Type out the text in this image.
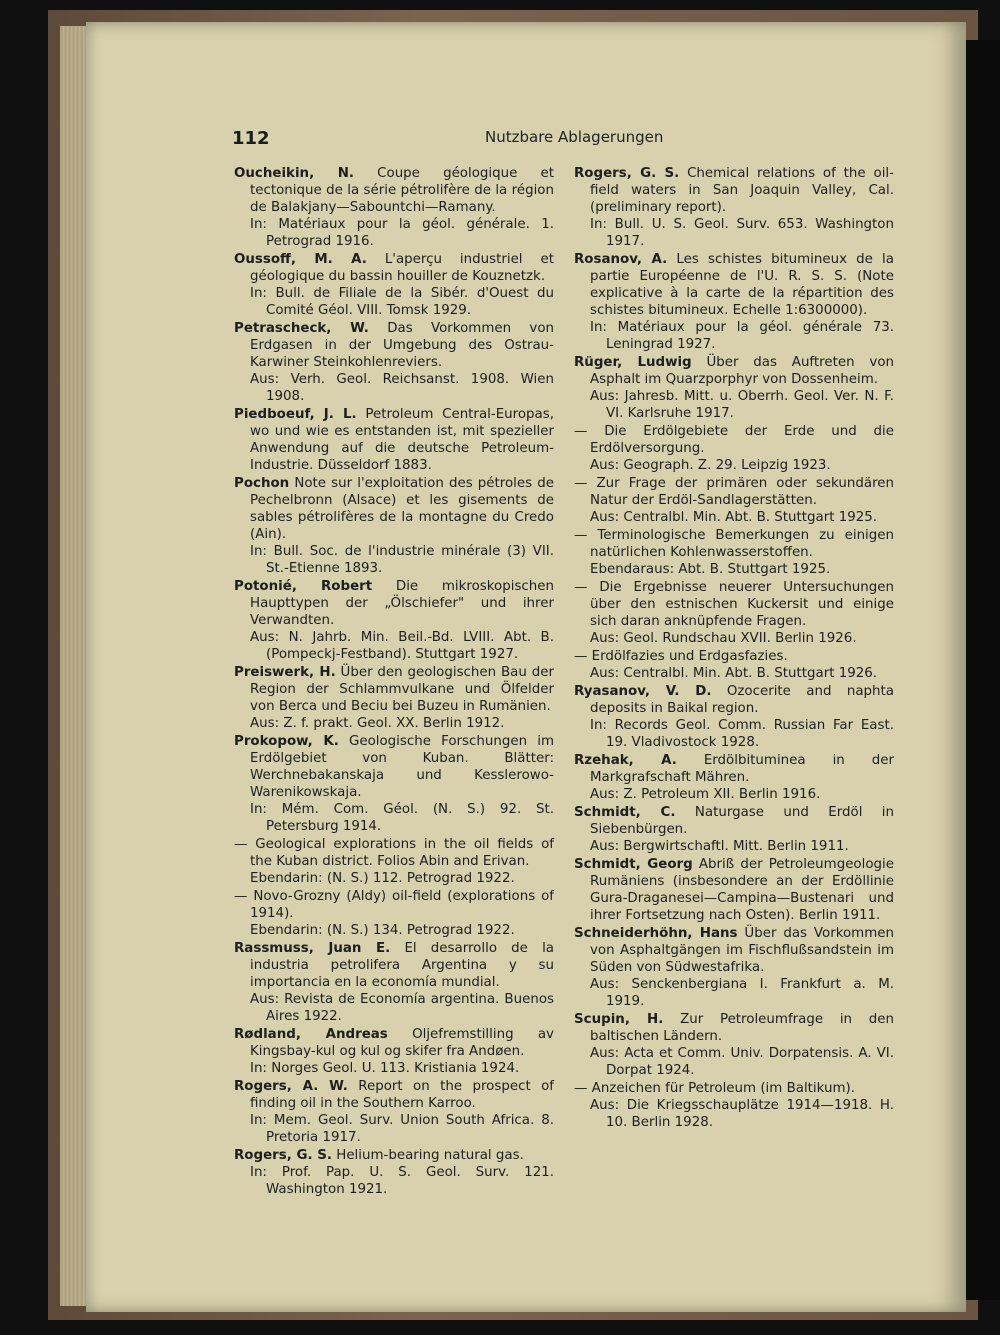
112	Nutzbare Ablagerungen
Oucheikin, N. Coupe géologique et tectonique de la série pétrolifère de la région de Balakjany—Sabountchi—Ramany.
In: Matériaux pour la géol. générale. 1. Petrograd 1916.
Oussoff, M. A. L'aperçu industriel et géologique du bassin houiller de Kouznetzk.
In: Bull. de Filiale de la Sibér. d'Ouest du Comité Géol. VIII. Tomsk 1929.
Petrascheck, W. Das Vorkommen von Erdgasen in der Umgebung des Ostrau-Karwiner Steinkohlenreviers.
Aus: Verh. Geol. Reichsanst. 1908. Wien 1908.
Piedboeuf, J. L. Petroleum Central-Europas, wo und wie es entstanden ist, mit spezieller Anwendung auf die deutsche Petroleum-Industrie. Düsseldorf 1883.
Pochon Note sur l'exploitation des pétroles de Pechelbronn (Alsace) et les gisements de sables pétrolifères de la montagne du Credo (Ain).
In: Bull. Soc. de l'industrie minérale (3) VII. St.-Etienne 1893.
Potonié, Robert Die mikroskopischen Haupttypen der „Ölschiefer" und ihrer Verwandten.
Aus: N. Jahrb. Min. Beil.-Bd. LVIII. Abt. B. (Pompeckj-Festband). Stuttgart 1927.
Preiswerk, H. Über den geologischen Bau der Region der Schlammvulkane und Ölfelder von Berca und Beciu bei Buzeu in Rumänien.
Aus: Z. f. prakt. Geol. XX. Berlin 1912.
Prokopow, K. Geologische Forschungen im Erdölgebiet von Kuban. Blätter: Werchnebakanskaja und Kesslerowo-Warenikowskaja.
In: Mém. Com. Géol. (N. S.) 92. St. Petersburg 1914.
— Geological explorations in the oil fields of the Kuban district. Folios Abin and Erivan.
Ebendarin: (N. S.) 112. Petrograd 1922.
— Novo-Grozny (Aldy) oil-field (explorations of 1914).
Ebendarin: (N. S.) 134. Petrograd 1922.
Rassmuss, Juan E. El desarrollo de la industria petrolifera Argentina y su importancia en la economía mundial.
Aus: Revista de Economía argentina. Buenos Aires 1922.
Rødland, Andreas Oljefremstilling av Kingsbay-kul og kul og skifer fra Andøen.
In: Norges Geol. U. 113. Kristiania 1924.
Rogers, A. W. Report on the prospect of finding oil in the Southern Karroo.
In: Mem. Geol. Surv. Union South Africa. 8. Pretoria 1917.
Rogers, G. S. Helium-bearing natural gas.
In: Prof. Pap. U. S. Geol. Surv. 121. Washington 1921.
Rogers, G. S. Chemical relations of the oil-field waters in San Joaquin Valley, Cal. (preliminary report).
In: Bull. U. S. Geol. Surv. 653. Washington 1917.
Rosanov, A. Les schistes bitumineux de la partie Européenne de l'U. R. S. S. (Note explicative à la carte de la répartition des schistes bitumineux. Echelle 1:6300000).
In: Matériaux pour la géol. générale 73. Leningrad 1927.
Rüger, Ludwig Über das Auftreten von Asphalt im Quarzporphyr von Dossenheim.
Aus: Jahresb. Mitt. u. Oberrh. Geol. Ver. N. F. VI. Karlsruhe 1917.
— Die Erdölgebiete der Erde und die Erdölversorgung.
Aus: Geograph. Z. 29. Leipzig 1923.
— Zur Frage der primären oder sekundären Natur der Erdöl-Sandlagerstätten.
Aus: Centralbl. Min. Abt. B. Stuttgart 1925.
— Terminologische Bemerkungen zu einigen natürlichen Kohlenwasserstoffen.
Ebendaraus: Abt. B. Stuttgart 1925.
— Die Ergebnisse neuerer Untersuchungen über den estnischen Kuckersit und einige sich daran anknüpfende Fragen.
Aus: Geol. Rundschau XVII. Berlin 1926.
— Erdölfazies und Erdgasfazies.
Aus: Centralbl. Min. Abt. B. Stuttgart 1926.
Ryasanov, V. D. Ozocerite and naphta deposits in Baikal region.
In: Records Geol. Comm. Russian Far East. 19. Vladivostock 1928.
Rzehak, A. Erdölbituminea in der Markgrafschaft Mähren.
Aus: Z. Petroleum XII. Berlin 1916.
Schmidt, C. Naturgase und Erdöl in Siebenbürgen.
Aus: Bergwirtschaftl. Mitt. Berlin 1911.
Schmidt, Georg Abriß der Petroleumgeologie Rumäniens (insbesondere an der Erdöllinie Gura-Draganesei—Campina—Bustenari und ihrer Fortsetzung nach Osten). Berlin 1911.
Schneiderhöhn, Hans Über das Vorkommen von Asphaltgängen im Fischflußsandstein im Süden von Südwestafrika.
Aus: Senckenbergiana I. Frankfurt a. M. 1919.
Scupin, H. Zur Petroleumfrage in den baltischen Ländern.
Aus: Acta et Comm. Univ. Dorpatensis. A. VI. Dorpat 1924.
— Anzeichen für Petroleum (im Baltikum).
Aus: Die Kriegsschauplätze 1914—1918. H. 10. Berlin 1928.
